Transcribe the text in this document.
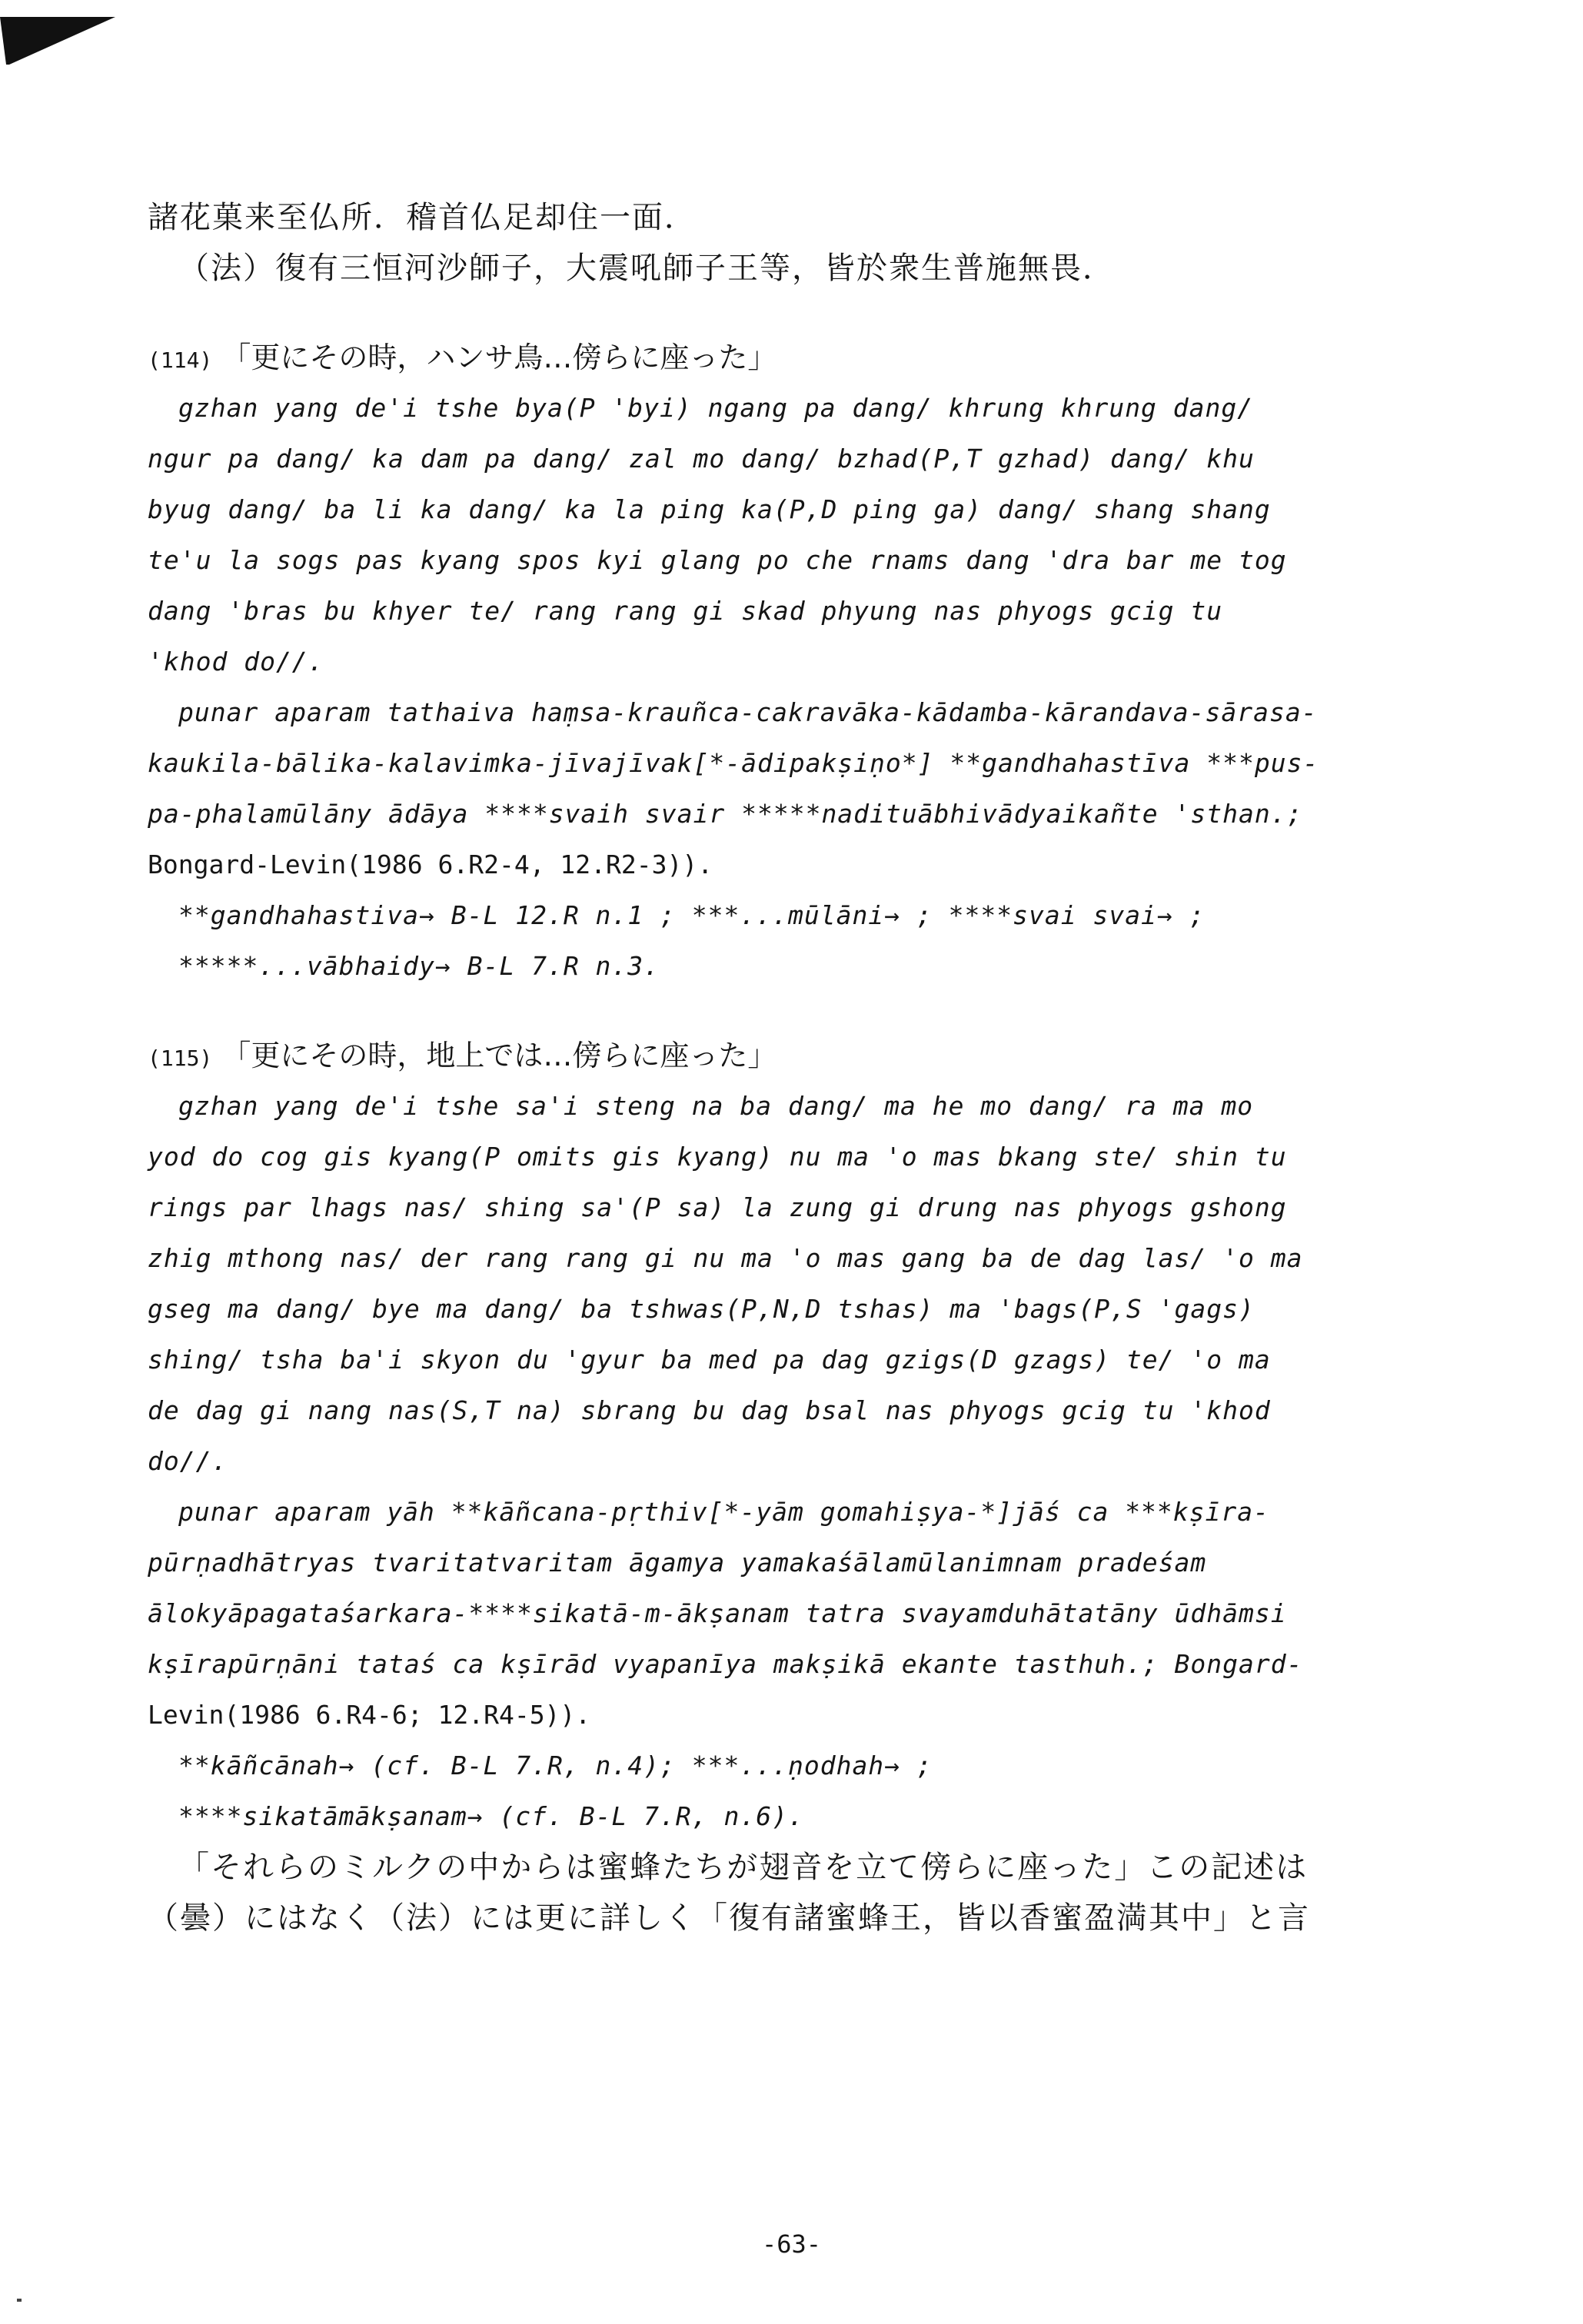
諸花菓来至仏所．稽首仏足却住一面．
（法）復有三恒河沙師子，大震吼師子王等，皆於衆生普施無畏．
(114) 「更にその時，ハンサ鳥…傍らに座った」
gzhan yang de'i tshe bya(P 'byi) ngang pa dang/ khrung khrung dang/
ngur pa dang/ ka dam pa dang/ zal mo dang/ bzhad(P,T gzhad) dang/ khu
byug dang/ ba li ka dang/ ka la ping ka(P,D ping ga) dang/ shang shang
te'u la sogs pas kyang spos kyi glang po che rnams dang 'dra bar me tog
dang 'bras bu khyer te/ rang rang gi skad phyung nas phyogs gcig tu
'khod do//.
punar aparam tathaiva haṃsa-krauñca-cakravāka-kādamba-kārandava-sārasa-
kaukila-bālika-kalavimka-jīvajīvak[*-ādipakṣiṇo*] **gandhahastīva ***pus-
pa-phalamūlāny ādāya ****svaih svair *****nadituābhivādyaikañte 'sthan.;
Bongard-Levin(1986 6.R2-4, 12.R2-3)).
**gandhahastiva→ B-L 12.R n.1 ; ***...mūlāni→ ; ****svai svai→ ;
*****...vābhaidy→ B-L 7.R n.3.
(115) 「更にその時，地上では…傍らに座った」
gzhan yang de'i tshe sa'i steng na ba dang/ ma he mo dang/ ra ma mo
yod do cog gis kyang(P omits gis kyang) nu ma 'o mas bkang ste/ shin tu
rings par lhags nas/ shing sa'(P sa) la zung gi drung nas phyogs gshong
zhig mthong nas/ der rang rang gi nu ma 'o mas gang ba de dag las/ 'o ma
gseg ma dang/ bye ma dang/ ba tshwas(P,N,D tshas) ma 'bags(P,S 'gags)
shing/ tsha ba'i skyon du 'gyur ba med pa dag gzigs(D gzags) te/ 'o ma
de dag gi nang nas(S,T na) sbrang bu dag bsal nas phyogs gcig tu 'khod
do//.
punar aparam yāh **kāñcana-pṛthiv[*-yām gomahiṣya-*]jāś ca ***kṣīra-
pūrṇadhātryas tvaritatvaritam āgamya yamakaśālamūlanimnam pradeśam
ālokyāpagataśarkara-****sikatā-m-ākṣanam tatra svayamduhātatāny ūdhāmsi
kṣīrapūrṇāni tataś ca kṣīrād vyapanīya makṣikā ekante tasthuh.; Bongard-
Levin(1986 6.R4-6; 12.R4-5)).
**kāñcānah→ (cf. B-L 7.R, n.4); ***...ṇodhah→ ;
****sikatāmākṣanam→ (cf. B-L 7.R, n.6).
「それらのミルクの中からは蜜蜂たちが翅音を立て傍らに座った」この記述は
（曇）にはなく（法）には更に詳しく「復有諸蜜蜂王，皆以香蜜盈満其中」と言
-63-
